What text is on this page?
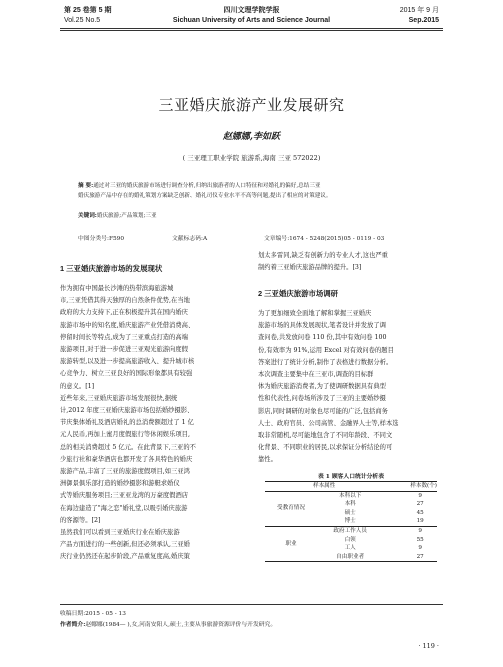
第 25 卷第 5 期
Vol.25 No.5
四川文理学院学报
Sichuan University of Arts and Science Journal
2015 年 9 月
Sep.2015
三亚婚庆旅游产业发展研究
赵娜娜,李如跃
( 三亚理工职业学院 旅游系,海南 三亚 572022)
摘 要:通过对三亚的婚庆旅游市场进行调查分析,归纳出旅游者的人口特征和对婚礼的偏好,总结三亚
婚庆旅游产品中存在的婚礼策划方案缺乏创新、婚礼司仪专业水平不高等问题,提出了相应的对策建议。
关键词:婚庆旅游;产品策划;三亚
中图分类号:F590	文献标志码:A	文章编号:1674 - 5248(2015)05 - 0119 - 03
1 三亚婚庆旅游市场的发展现状
作为拥有中国最长沙滩的热带滨海旅游城
市,三亚凭借其得天独厚的自然条件优势,在当地
政府的大力支持下,正在积极提升其在国内婚庆
旅游市场中的知名度,婚庆旅游产业凭借消费高、
停留时间长等特点,成为了三亚重点打造的高端
旅游项目,对于进一步促进三亚观光旅游向度假
旅游转型,以及进一步提高旅游收入、提升城市核
心竞争力、树立三亚良好的国际形象都具有较强
的意义。[1]
近些年来,三亚婚庆旅游市场发展很快,据统
计,2012 年度三亚婚庆旅游市场包括婚纱摄影、
节庆集体婚礼及酒店婚礼的总消费额超过了 1 亿
元人民币,再加上蜜月度假旅行等休闲娱乐项目,
总的相关消费超过 5 亿元。在此背景下,三亚的不
少旅行社和豪华酒店也都开发了各具特色的婚庆
旅游产品,丰富了三亚的旅游度假项目,如三亚鸿
洲御景俱乐部打造的婚纱摄影和游艇求婚仪
式等婚庆服务项目;三亚亚龙湾的万豪度假酒店
在海边建造了"海之恋"婚礼堂,以吸引婚庆旅游
的客源等。[2]
虽然我们可以看到三亚婚庆行业在婚庆旅游
产品方面进行的一些创新,但还必须承认,三亚婚
庆行业仍然还在起步阶段,产品重复度高,婚庆策
划太多雷同,缺乏有创新力的专业人才,这也严重
制约着三亚婚庆旅游品牌的提升。[3]
2 三亚婚庆旅游市场调研
为了更加细致全面地了解和掌握三亚婚庆
旅游市场的具体发展现状,笔者设计并发放了调
查问卷,共发放问卷 110 份,其中有效问卷 100
份,有效率为 91%,运用 Excel 对有效问卷的题目
答案进行了统计分析,制作了表格进行数据分析。
本次调查主要集中在三亚市,调查的目标群
体为婚庆旅游消费者,为了使调研数据具有典型
性和代表性,问卷场所涉及了三亚的主要婚纱摄
影店,同时调研的对象也尽可能的广泛,包括商务
人士、政府官员、公司高管、金融界人士等,样本选
取非常随机,尽可能地包含了不同年龄段、不同文
化背景、不同职业的居民,以求保证分析结论的可
靠性。
表 1 顾客人口统计分析表
样本属性		样本数(个)
受教育情况	本科以下	9
	本科	27
	硕士	45
	博士	19
职业	政府工作人员	9
	白领	55
	工人	9
	自由职业者	27
收稿日期:2015 - 05 - 13
作者简介:赵娜娜(1984— ),女,河南安阳人,硕士,主要从事旅游资源评价与开发研究。
· 119 ·
